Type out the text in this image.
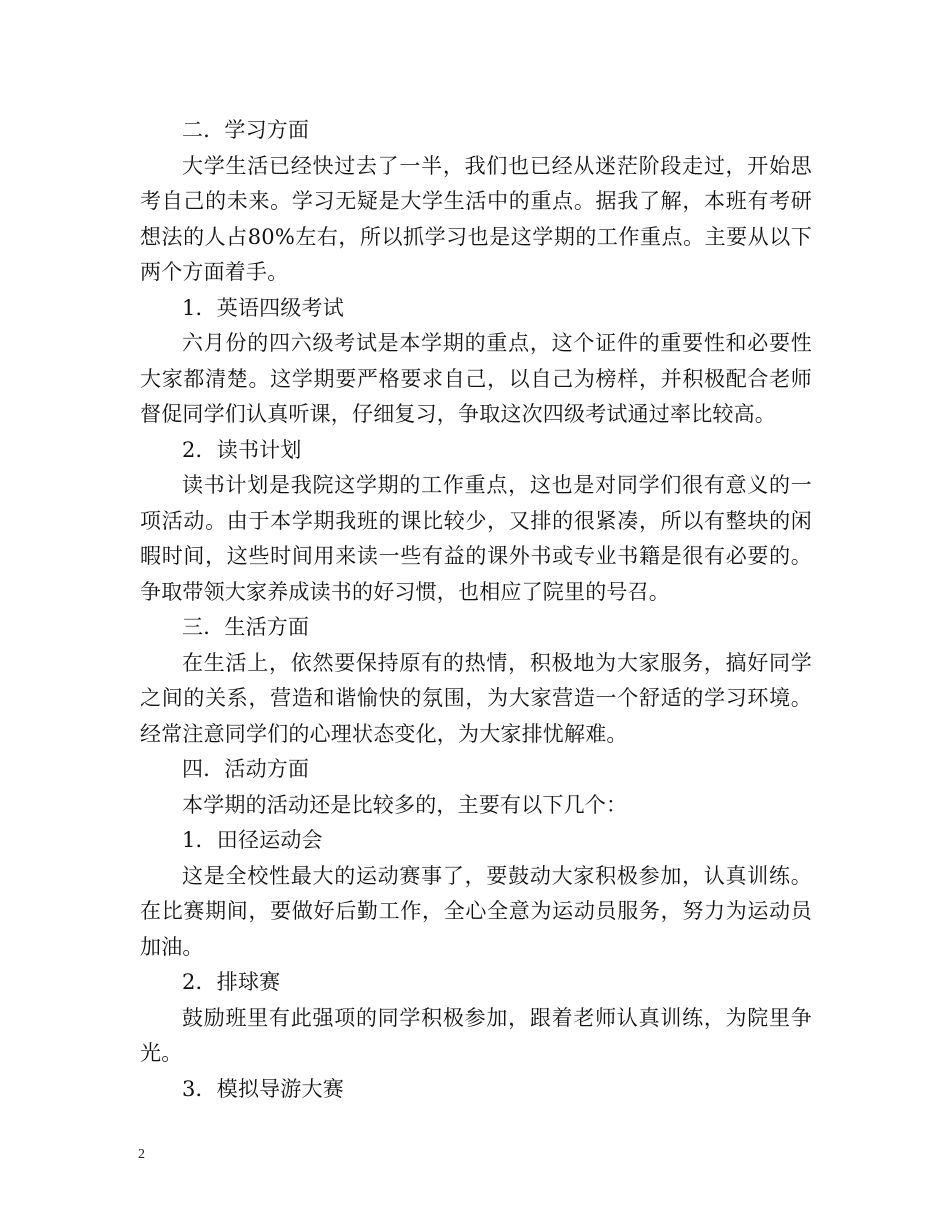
二．学习方面

大学生活已经快过去了一半，我们也已经从迷茫阶段走过，开始思考自己的未来。学习无疑是大学生活中的重点。据我了解，本班有考研想法的人占80%左右，所以抓学习也是这学期的工作重点。主要从以下两个方面着手。

1．英语四级考试

六月份的四六级考试是本学期的重点，这个证件的重要性和必要性大家都清楚。这学期要严格要求自己，以自己为榜样，并积极配合老师督促同学们认真听课，仔细复习，争取这次四级考试通过率比较高。

2．读书计划

读书计划是我院这学期的工作重点，这也是对同学们很有意义的一项活动。由于本学期我班的课比较少，又排的很紧凑，所以有整块的闲暇时间，这些时间用来读一些有益的课外书或专业书籍是很有必要的。争取带领大家养成读书的好习惯，也相应了院里的号召。

三．生活方面

在生活上，依然要保持原有的热情，积极地为大家服务，搞好同学之间的关系，营造和谐愉快的氛围，为大家营造一个舒适的学习环境。经常注意同学们的心理状态变化，为大家排忧解难。

四．活动方面

本学期的活动还是比较多的，主要有以下几个：

1．田径运动会

这是全校性最大的运动赛事了，要鼓动大家积极参加，认真训练。在比赛期间，要做好后勤工作，全心全意为运动员服务，努力为运动员加油。

2．排球赛

鼓励班里有此强项的同学积极参加，跟着老师认真训练，为院里争光。

3．模拟导游大赛

2
